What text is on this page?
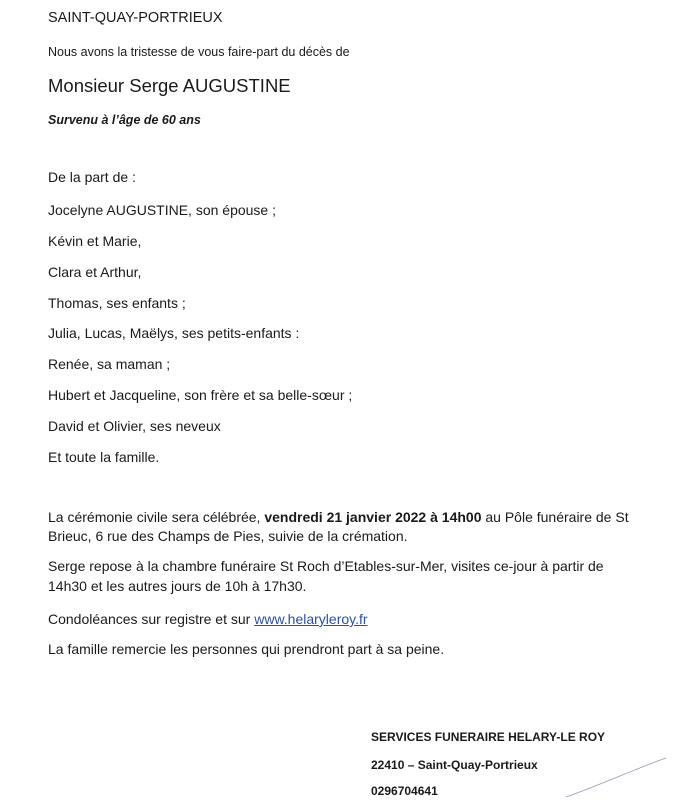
SAINT-QUAY-PORTRIEUX
Nous avons la tristesse de vous faire-part du décès de
Monsieur Serge AUGUSTINE
Survenu à l’âge de 60 ans
De la part de :
Jocelyne AUGUSTINE, son épouse ;
Kévin et Marie,
Clara et Arthur,
Thomas, ses enfants ;
Julia, Lucas, Maëlys, ses petits-enfants :
Renée, sa maman ;
Hubert et Jacqueline, son frère et sa belle-sœur ;
David et Olivier, ses neveux
Et toute la famille.
La cérémonie civile sera célébrée, vendredi 21 janvier 2022 à 14h00 au Pôle funéraire de St
Brieuc, 6 rue des Champs de Pies, suivie de la crémation.
Serge repose à la chambre funéraire St Roch d’Etables-sur-Mer, visites ce-jour à partir de
14h30 et les autres jours de 10h à 17h30.
Condoléances sur registre et sur www.helaryleroy.fr
La famille remercie les personnes qui prendront part à sa peine.
SERVICES FUNERAIRE HELARY-LE ROY
22410 – Saint-Quay-Portrieux
0296704641
